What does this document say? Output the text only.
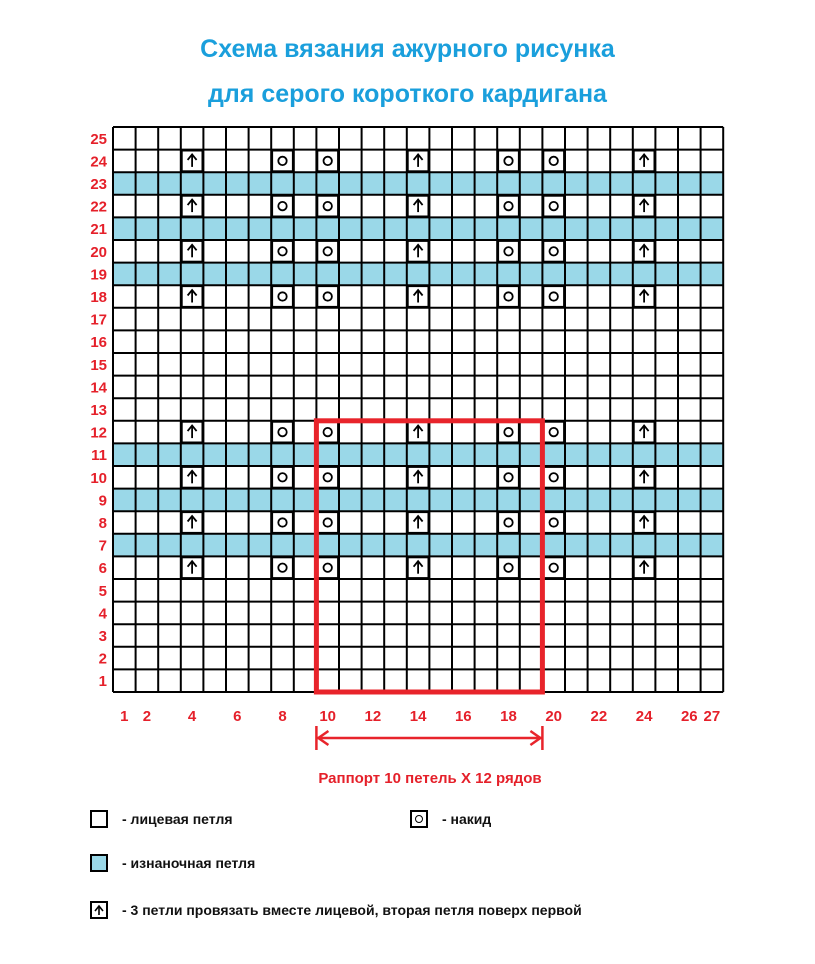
Схема вязания ажурного рисунка
для серого короткого кардигана
1
2
3
4
5
6
7
8
9
10
11
12
13
14
15
16
17
18
19
20
21
22
23
24
25
1 2 4 6 8 10 12 14 16 18 20 22 24 26 27
Раппорт 10 петель Х 12 рядов
- лицевая петля	- накид
- изнаночная петля
- 3 петли провязать вместе лицевой, вторая петля поверх первой
